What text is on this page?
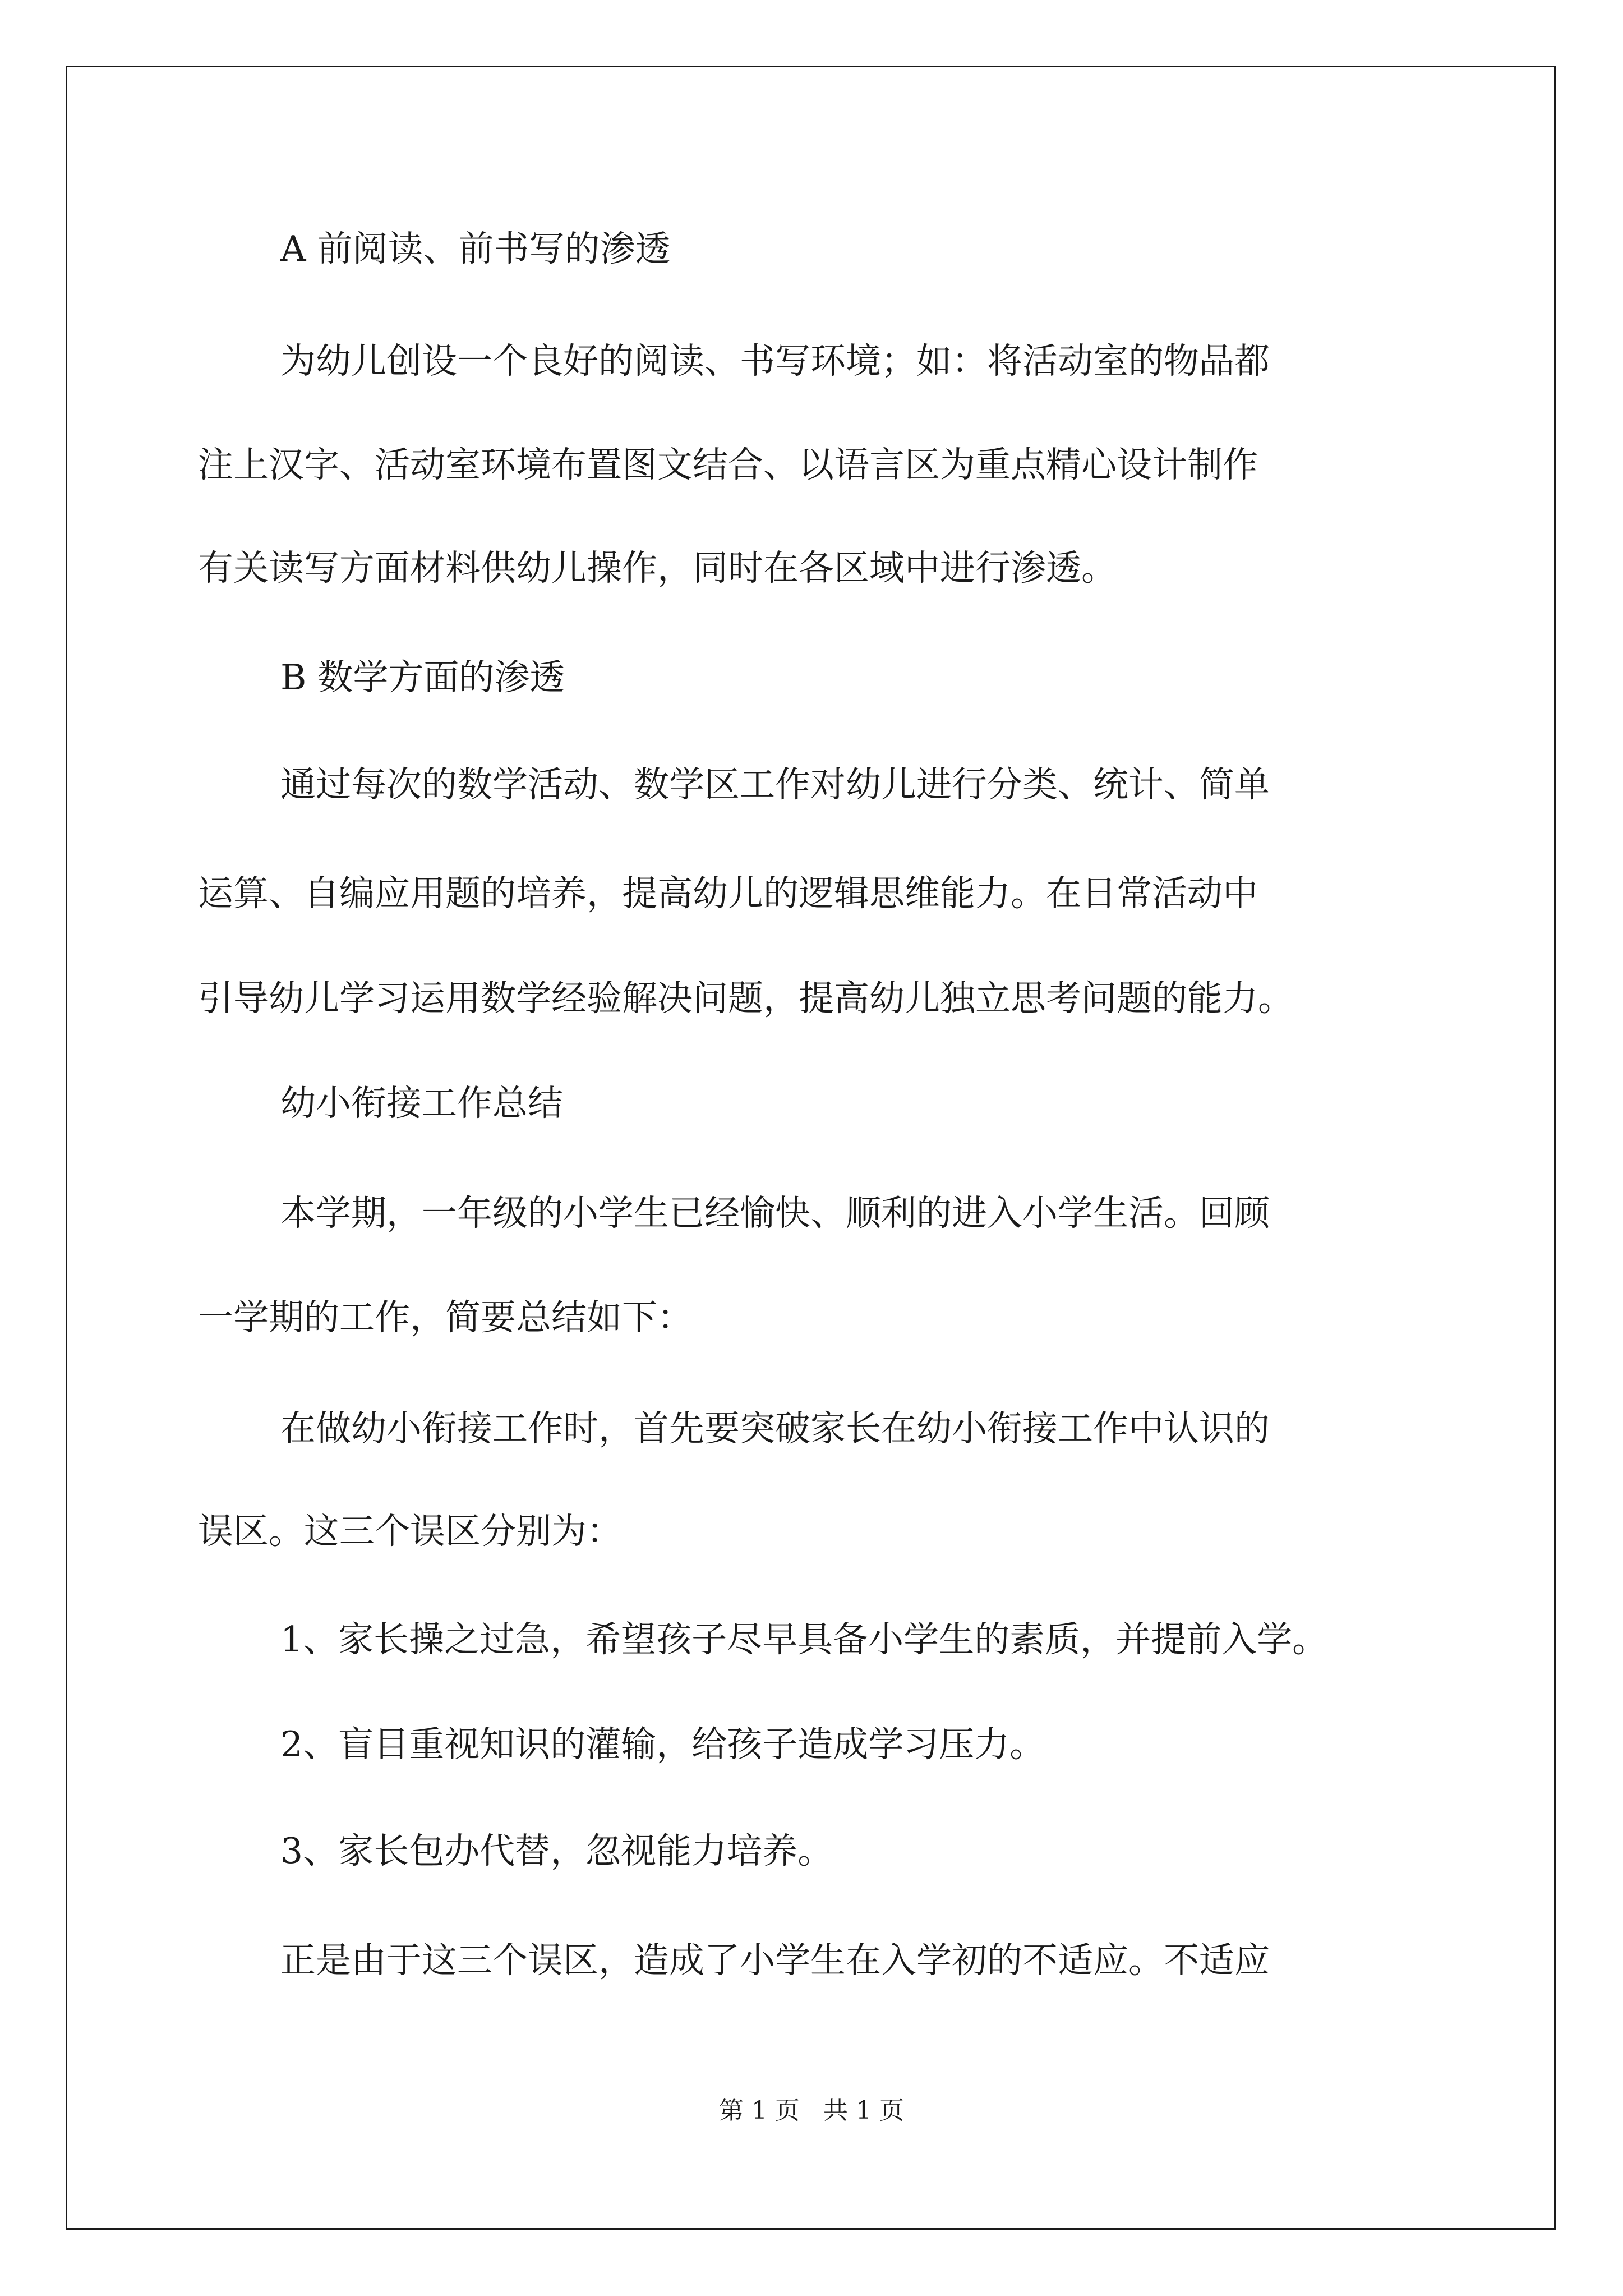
A 前阅读、前书写的渗透

为幼儿创设一个良好的阅读、书写环境；如：将活动室的物品都

注上汉字、活动室环境布置图文结合、以语言区为重点精心设计制作

有关读写方面材料供幼儿操作，同时在各区域中进行渗透。

B 数学方面的渗透

通过每次的数学活动、数学区工作对幼儿进行分类、统计、简单

运算、自编应用题的培养，提高幼儿的逻辑思维能力。在日常活动中

引导幼儿学习运用数学经验解决问题，提高幼儿独立思考问题的能力。

幼小衔接工作总结

本学期，一年级的小学生已经愉快、顺利的进入小学生活。回顾

一学期的工作，简要总结如下：

在做幼小衔接工作时，首先要突破家长在幼小衔接工作中认识的

误区。这三个误区分别为：

1、家长操之过急，希望孩子尽早具备小学生的素质，并提前入学。

2、盲目重视知识的灌输，给孩子造成学习压力。

3、家长包办代替，忽视能力培养。

正是由于这三个误区，造成了小学生在入学初的不适应。不适应

第 1 页   共 1 页
